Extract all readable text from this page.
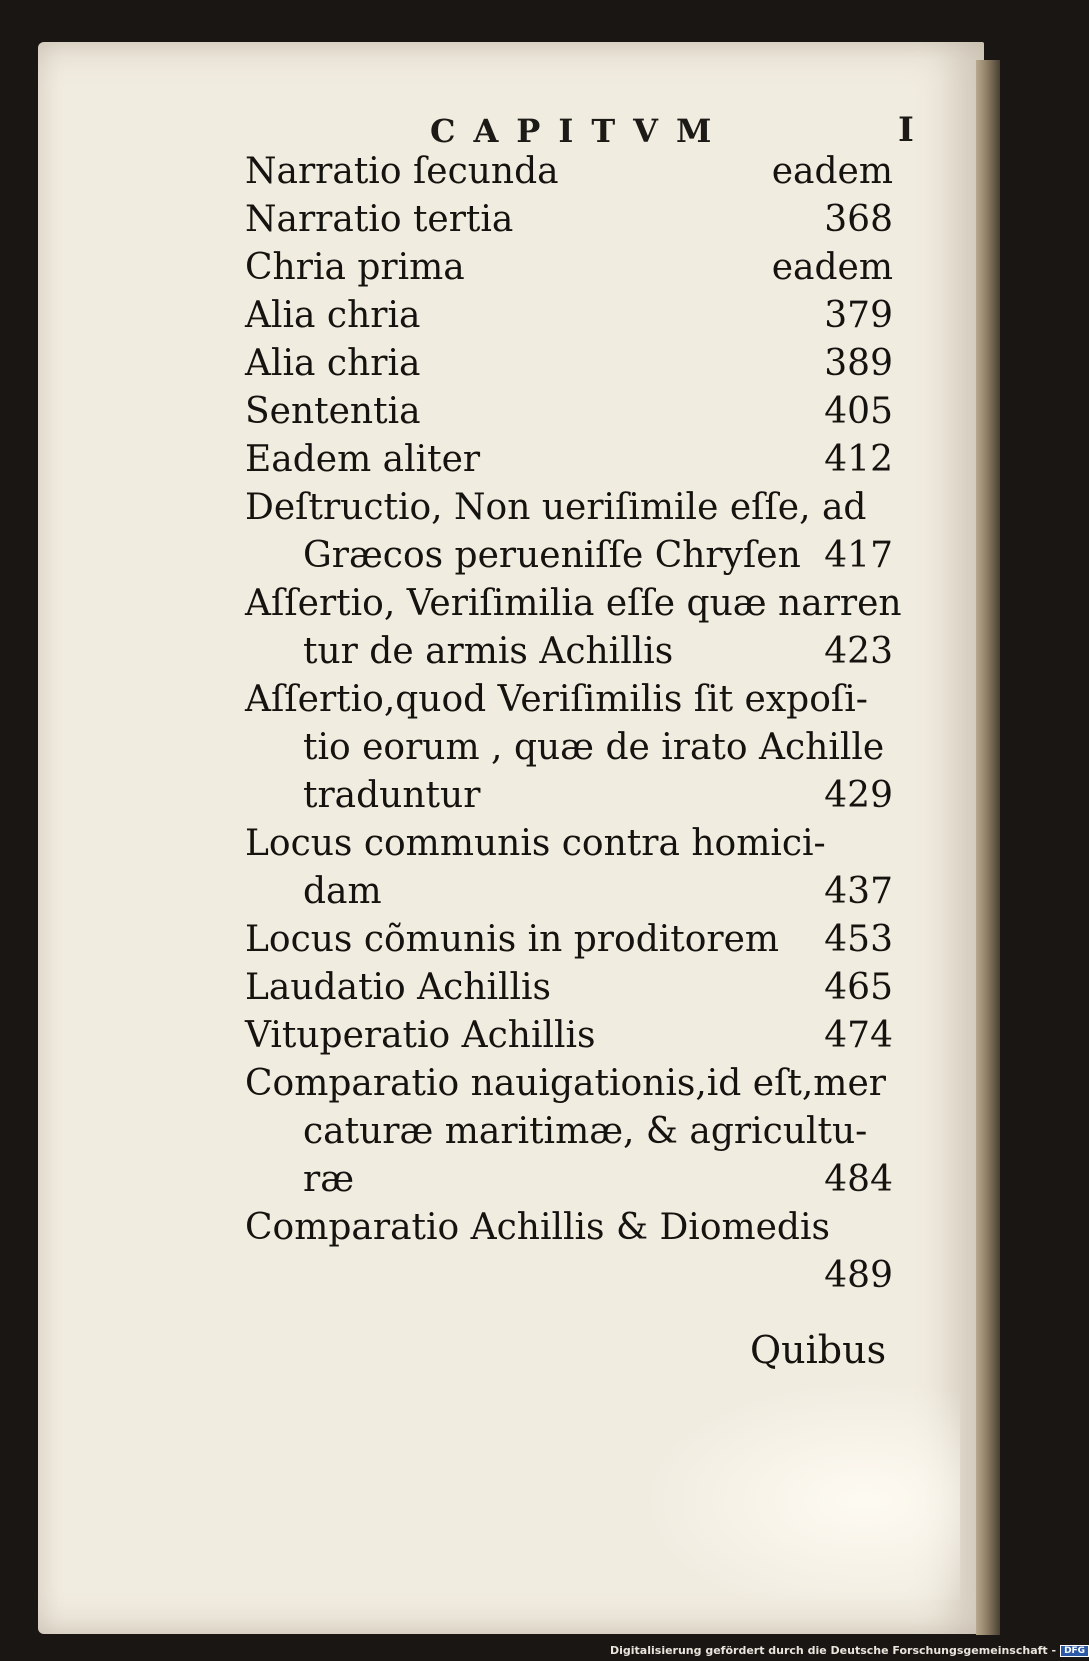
CAPITVM	I
Narratio ſecunda	eadem
Narratio tertia	368
Chria prima	eadem
Alia chria	379
Alia chria	389
Sententia	405
Eadem aliter	412
Deſtructio, Non ueriſimile eſſe, ad
Græcos perueniſſe Chryſen 417
Aſſertio, Veriſimilia eſſe quæ narren
tur de armis Achillis	423
Aſſertio,quod Veriſimilis ſit expoſi-
tio eorum , quæ de irato Achille
traduntur	429
Locus communis contra homici-
dam	437
Locus cõmunis in proditorem 453
Laudatio Achillis	465
Vituperatio Achillis	474
Comparatio nauigationis,id eſt,mer
caturæ maritimæ, & agricultu-
ræ	484
Comparatio Achillis & Diomedis
489
Quibus
Digitalisierung gefördert durch die Deutsche Forschungsgemeinschaft - DFG
